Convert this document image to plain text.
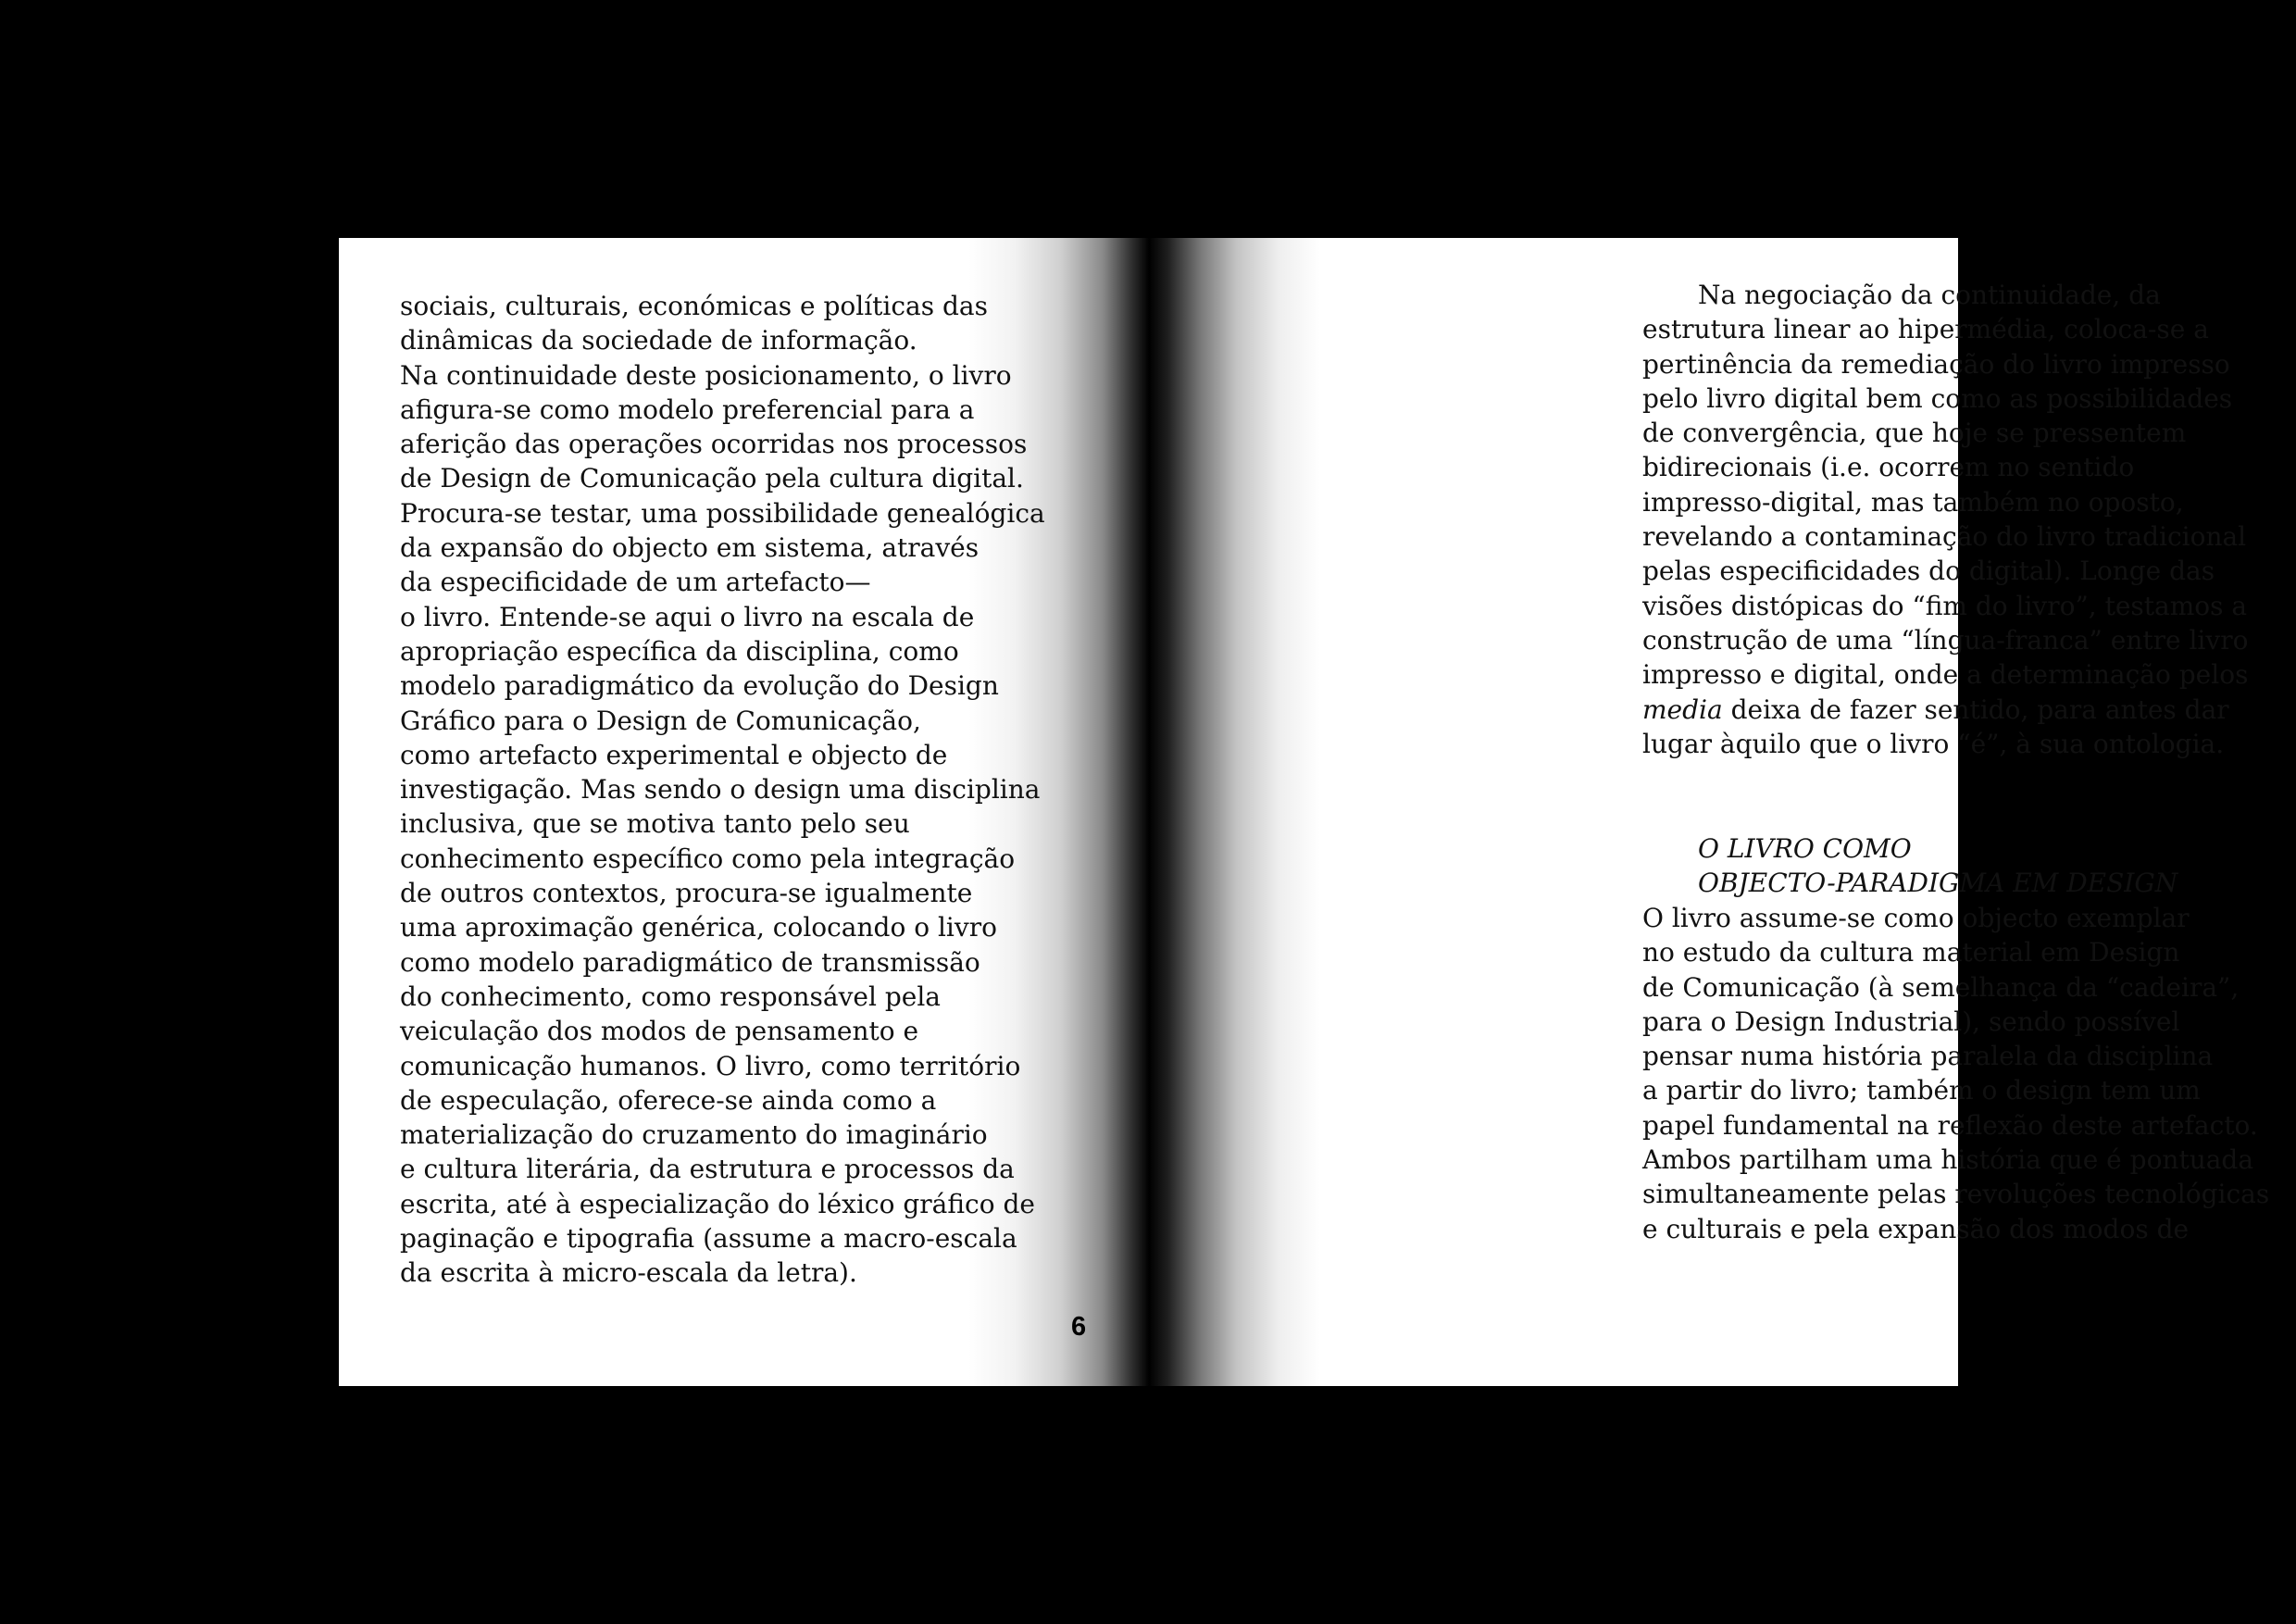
sociais, culturais, económicas e políticas das
dinâmicas da sociedade de informação.
Na continuidade deste posicionamento, o livro
afigura-se como modelo preferencial para a
aferição das operações ocorridas nos processos
de Design de Comunicação pela cultura digital.
Procura-se testar, uma possibilidade genealógica
da expansão do objecto em sistema, através
da especificidade de um artefacto—
o livro. Entende-se aqui o livro na escala de
apropriação específica da disciplina, como
modelo paradigmático da evolução do Design
Gráfico para o Design de Comunicação,
como artefacto experimental e objecto de
investigação. Mas sendo o design uma disciplina
inclusiva, que se motiva tanto pelo seu
conhecimento específico como pela integração
de outros contextos, procura-se igualmente
uma aproximação genérica, colocando o livro
como modelo paradigmático de transmissão
do conhecimento, como responsável pela
veiculação dos modos de pensamento e
comunicação humanos. O livro, como território
de especulação, oferece-se ainda como a
materialização do cruzamento do imaginário
e cultura literária, da estrutura e processos da
escrita, até à especialização do léxico gráfico de
paginação e tipografia (assume a macro-escala
da escrita à micro-escala da letra).
6
Na negociação da continuidade, da
estrutura linear ao hipermédia, coloca-se a
pertinência da remediação do livro impresso
pelo livro digital bem como as possibilidades
de convergência, que hoje se pressentem
bidirecionais (i.e. ocorrem no sentido
impresso-digital, mas também no oposto,
revelando a contaminação do livro tradicional
pelas especificidades do digital). Longe das
visões distópicas do “fim do livro”, testamos a
construção de uma “língua-franca” entre livro
impresso e digital, onde a determinação pelos
media deixa de fazer sentido, para antes dar
lugar àquilo que o livro “é”, à sua ontologia.
O LIVRO COMO
OBJECTO-PARADIGMA EM DESIGN
O livro assume-se como objecto exemplar
no estudo da cultura material em Design
de Comunicação (à semelhança da “cadeira”,
para o Design Industrial), sendo possível
pensar numa história paralela da disciplina
a partir do livro; também o design tem um
papel fundamental na reflexão deste artefacto.
Ambos partilham uma história que é pontuada
simultaneamente pelas revoluções tecnológicas
e culturais e pela expansão dos modos de
7
